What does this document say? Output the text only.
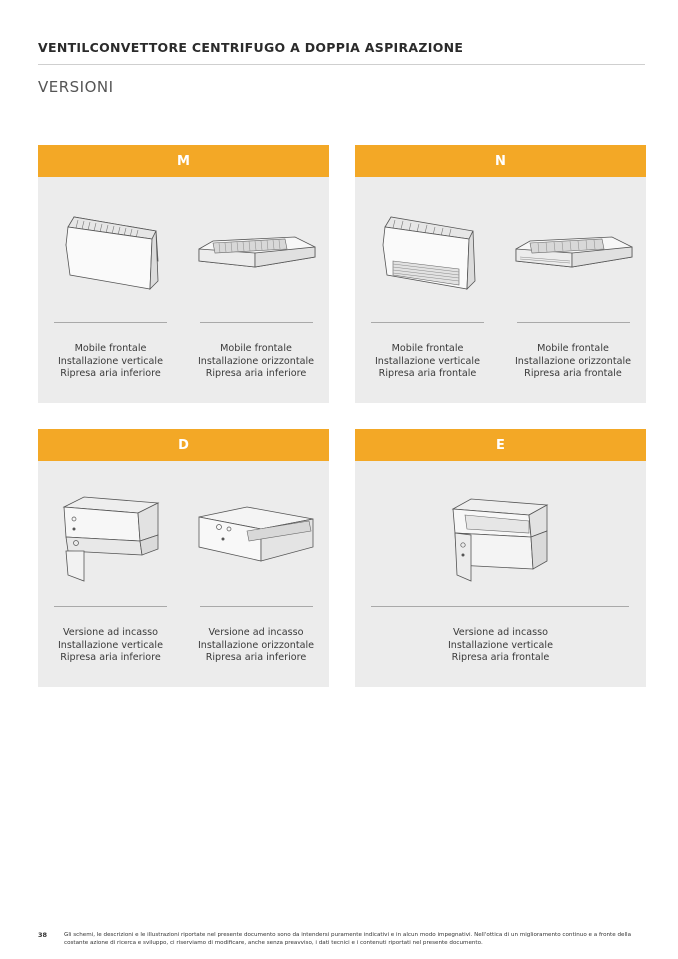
VENTILCONVETTORE CENTRIFUGO A DOPPIA ASPIRAZIONE
VERSIONI
M
Mobile frontale
Installazione verticale
Ripresa aria inferiore
Mobile frontale
Installazione orizzontale
Ripresa aria inferiore
N
Mobile frontale
Installazione verticale
Ripresa aria frontale
Mobile frontale
Installazione orizzontale
Ripresa aria frontale
D
Versione ad incasso
Installazione verticale
Ripresa aria inferiore
Versione ad incasso
Installazione orizzontale
Ripresa aria inferiore
E
Versione ad incasso
Installazione verticale
Ripresa aria frontale
38	Gli schemi, le descrizioni e le illustrazioni riportate nel presente documento sono da intendersi puramente indicativi e in alcun modo impegnativi. Nell'ottica di un miglioramento continuo e a fronte della costante azione di ricerca e sviluppo, ci riserviamo di modificare, anche senza preavviso, i dati tecnici e i contenuti riportati nel presente documento.
